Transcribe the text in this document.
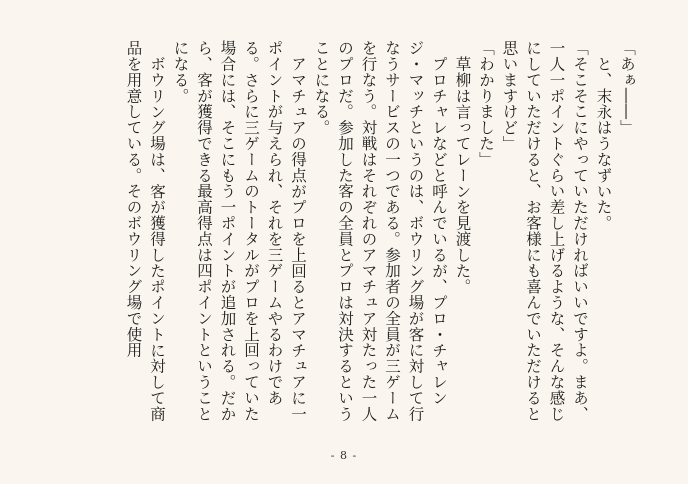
「あぁ――」

と、末永はうなずいた。

「そこそこにやっていただければいいですよ。まあ、一人一ポイントぐらい差し上げるような、そんな感じにしていただけると、お客様にも喜んでいただけると思いますけど」

「わかりました」

草柳は言ってレーンを見渡した。

プロチャレなどと呼んでいるが、プロ・チャレンジ・マッチというのは、ボウリング場が客に対して行なうサービスの一つである。参加者の全員が三ゲームを行なう。対戦はそれぞれのアマチュア対たった一人のプロだ。参加した客の全員とプロは対決するということになる。

アマチュアの得点がプロを上回るとアマチュアに一ポイントが与えられ、それを三ゲームやるわけである。さらに三ゲームのトータルがプロを上回っていた場合には、そこにもう一ポイントが追加される。だから、客が獲得できる最高得点は四ポイントということになる。

ボウリング場は、客が獲得したポイントに対して商品を用意している。そのボウリング場で使用

- 8 -
